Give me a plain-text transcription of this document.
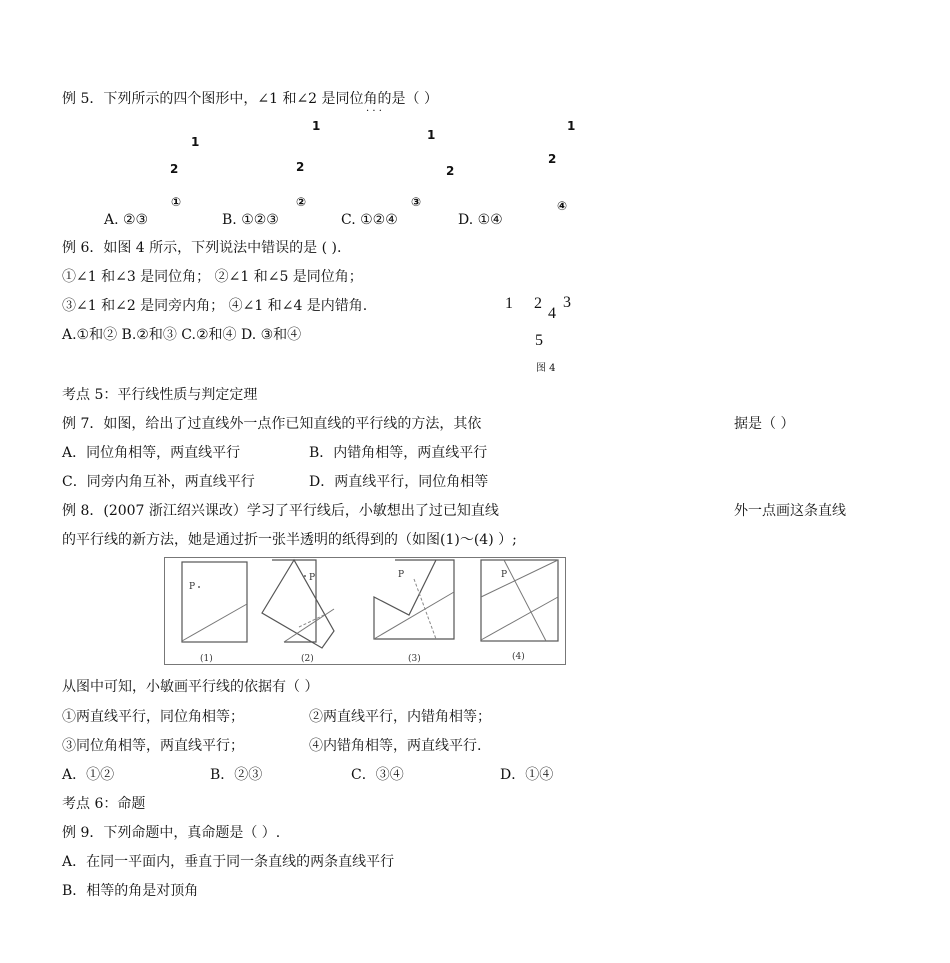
例 5．下列所示的四个图形中，∠1 和∠2 是同位角的是（ ）
· · ·
1
2
①
1
2
②
1
2
③
1
2
④
A. ②③	B. ①②③	C. ①②④	D. ①④
例 6．如图 4 所示，下列说法中错误的是 ( ).
①∠1 和∠3 是同位角； ②∠1 和∠5 是同位角；
③∠1 和∠2 是同旁内角； ④∠1 和∠4 是内错角.
A.①和② B.②和③ C.②和④ D. ③和④
1 2
4
3
5
图 4
考点 5：平行线性质与判定定理
例 7．如图，给出了过直线外一点作已知直线的平行线的方法，其依	据是（ ）
A．同位角相等，两直线平行	B．内错角相等，两直线平行
C．同旁内角互补，两直线平行	D．两直线平行，同位角相等
例 8．(2007 浙江绍兴课改）学习了平行线后，小敏想出了过已知直线	外一点画这条直线
的平行线的新方法，她是通过折一张半透明的纸得到的（如图(1)～(4) ）;
P
P	P	P
(1)	(2)	(3)	(4)
从图中可知，小敏画平行线的依据有（ ）
①两直线平行，同位角相等；	②两直线平行，内错角相等；
③同位角相等，两直线平行；	④内错角相等，两直线平行.
A．①②	B．②③	C．③④	D．①④
考点 6：命题
例 9．下列命题中，真命题是（ ）.
A．在同一平面内，垂直于同一条直线的两条直线平行
B．相等的角是对顶角
